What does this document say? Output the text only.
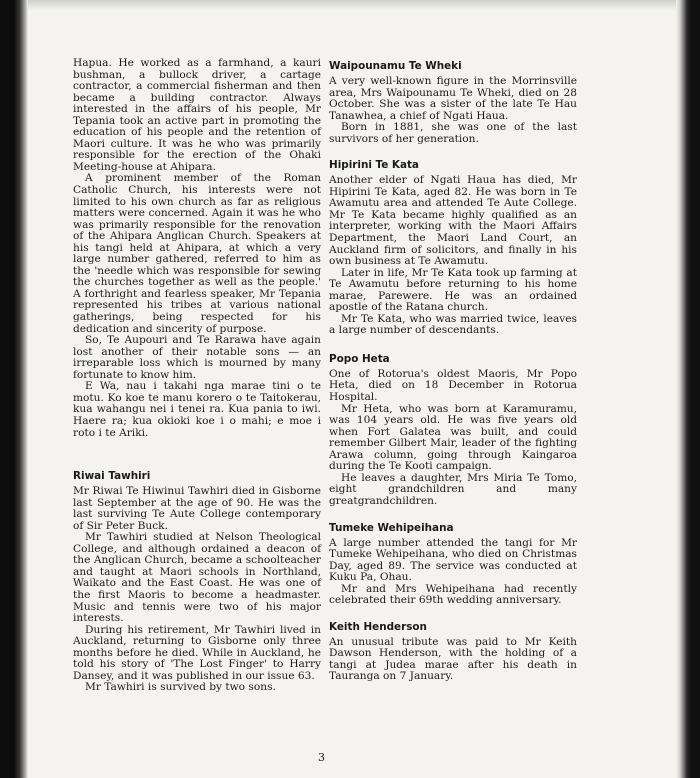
Hapua. He worked as a farmhand, a kauri bushman, a bullock driver, a cartage contractor, a commercial fisherman and then became a building contractor. Always interested in the affairs of his people, Mr Tepania took an active part in promoting the education of his people and the retention of Maori culture. It was he who was primarily responsible for the erection of the Ohaki Meeting-house at Ahipara.

A prominent member of the Roman Catholic Church, his interests were not limited to his own church as far as religious matters were concerned. Again it was he who was primarily responsible for the renovation of the Ahipara Anglican Church. Speakers at his tangi held at Ahipara, at which a very large number gathered, referred to him as the 'needle which was responsible for sewing the churches together as well as the people.' A forthright and fearless speaker, Mr Tepania represented his tribes at various national gatherings, being respected for his dedication and sincerity of purpose.

So, Te Aupouri and Te Rarawa have again lost another of their notable sons — an irreparable loss which is mourned by many fortunate to know him.

E Wa, nau i takahi nga marae tini o te motu. Ko koe te manu korero o te Taitokerau, kua wahangu nei i tenei ra. Kua pania to iwi. Haere ra; kua okioki koe i o mahi; e moe i roto i te Ariki.

Riwai Tawhiri

Mr Riwai Te Hiwinui Tawhiri died in Gisborne last September at the age of 90. He was the last surviving Te Aute College contemporary of Sir Peter Buck.

Mr Tawhiri studied at Nelson Theological College, and although ordained a deacon of the Anglican Church, became a schoolteacher and taught at Maori schools in Northland, Waikato and the East Coast. He was one of the first Maoris to become a headmaster. Music and tennis were two of his major interests.

During his retirement, Mr Tawhiri lived in Auckland, returning to Gisborne only three months before he died. While in Auckland, he told his story of 'The Lost Finger' to Harry Dansey, and it was published in our issue 63.

Mr Tawhiri is survived by two sons.

Waipounamu Te Wheki

A very well-known figure in the Morrinsville area, Mrs Waipounamu Te Wheki, died on 28 October. She was a sister of the late Te Hau Tanawhea, a chief of Ngati Haua.

Born in 1881, she was one of the last survivors of her generation.

Hipirini Te Kata

Another elder of Ngati Haua has died, Mr Hipirini Te Kata, aged 82. He was born in Te Awamutu area and attended Te Aute College. Mr Te Kata became highly qualified as an interpreter, working with the Maori Affairs Department, the Maori Land Court, an Auckland firm of solicitors, and finally in his own business at Te Awamutu.

Later in life, Mr Te Kata took up farming at Te Awamutu before returning to his home marae, Parewere. He was an ordained apostle of the Ratana church.

Mr Te Kata, who was married twice, leaves a large number of descendants.

Popo Heta

One of Rotorua's oldest Maoris, Mr Popo Heta, died on 18 December in Rotorua Hospital.

Mr Heta, who was born at Karamuramu, was 104 years old. He was five years old when Fort Galatea was built, and could remember Gilbert Mair, leader of the fighting Arawa column, going through Kaingaroa during the Te Kooti campaign.

He leaves a daughter, Mrs Miria Te Tomo, eight grandchildren and many greatgrandchildren.

Tumeke Wehipeihana

A large number attended the tangi for Mr Tumeke Wehipeihana, who died on Christmas Day, aged 89. The service was conducted at Kuku Pa, Ohau.

Mr and Mrs Wehipeihana had recently celebrated their 69th wedding anniversary.

Keith Henderson

An unusual tribute was paid to Mr Keith Dawson Henderson, with the holding of a tangi at Judea marae after his death in Tauranga on 7 January.

3
